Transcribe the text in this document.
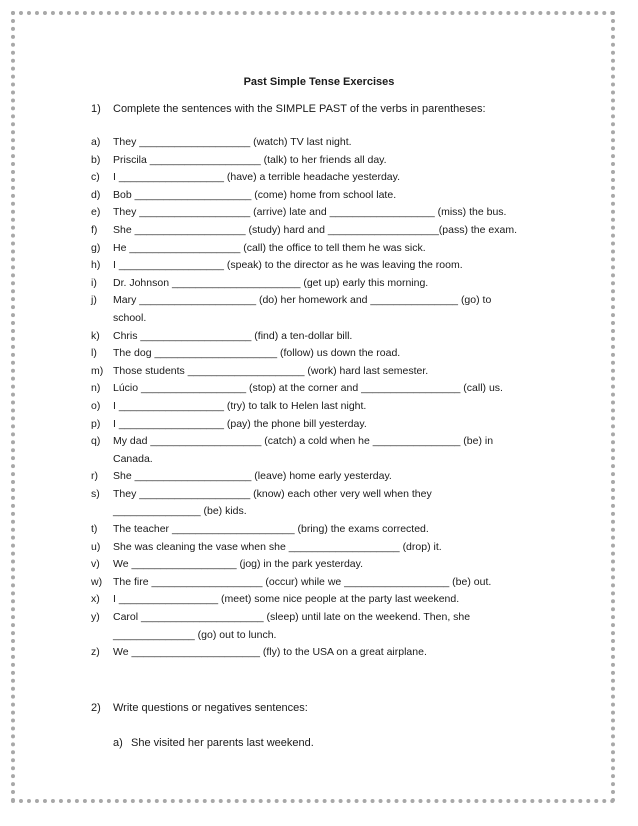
Past Simple Tense Exercises
1) Complete the sentences with the SIMPLE PAST of the verbs in parentheses:
a) They ___________________ (watch) TV last night.
b) Priscila ___________________ (talk) to her friends all day.
c) I __________________ (have) a terrible headache yesterday.
d) Bob ____________________ (come) home from school late.
e) They ___________________ (arrive) late and __________________ (miss) the bus.
f) She ___________________ (study) hard and ___________________(pass) the exam.
g) He ___________________ (call) the office to tell them he was sick.
h) I __________________ (speak) to the director as he was leaving the room.
i) Dr. Johnson ______________________ (get up) early this morning.
j) Mary ____________________ (do) her homework and _______________ (go) to
school.
k) Chris ___________________ (find) a ten-dollar bill.
l) The dog _____________________ (follow) us down the road.
m) Those students ____________________ (work) hard last semester.
n) Lúcio __________________ (stop) at the corner and _________________ (call) us.
o) I __________________ (try) to talk to Helen last night.
p) I __________________ (pay) the phone bill yesterday.
q) My dad ___________________ (catch) a cold when he _______________ (be) in
Canada.
r) She ____________________ (leave) home early yesterday.
s) They ___________________ (know) each other very well when they
_______________ (be) kids.
t) The teacher _____________________ (bring) the exams corrected.
u) She was cleaning the vase when she ___________________ (drop) it.
v) We __________________ (jog) in the park yesterday.
w) The fire ___________________ (occur) while we __________________ (be) out.
x) I _________________ (meet) some nice people at the party last weekend.
y) Carol _____________________ (sleep) until late on the weekend. Then, she
______________ (go) out to lunch.
z) We ______________________ (fly) to the USA on a great airplane.
2) Write questions or negatives sentences:
a) She visited her parents last weekend.
